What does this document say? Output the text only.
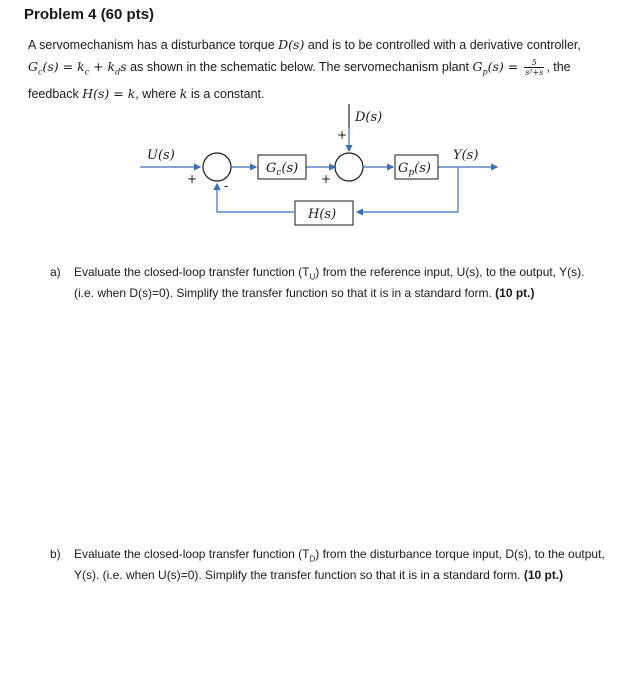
Problem 4 (60 pts)
A servomechanism has a disturbance torque D(s) and is to be controlled with a derivative controller,
$G_c(s) = k_c + k_ds$ as shown in the schematic below. The servomechanism plant $G_p(s) = \frac{5}{\text{s²+s}}$ , the
feedback H(s) = k, where k is a constant.
U(s)	Y(s)
D(s)
$G_c(s)$	$G_p(s)$
H(s)
+ -	+
+
a) Evaluate the closed-loop transfer function $(T_U)$ from the reference input, U(s), to the output, Y(s). (i.e. when D(s)=0). Simplify the transfer function so that it is in a standard form. (10 pt.)
b) Evaluate the closed-loop transfer function $(T_D)$ from the disturbance torque input, D(s), to the output, Y(s). (i.e. when U(s)=0). Simplify the transfer function so that it is in a standard form. (10 pt.)
